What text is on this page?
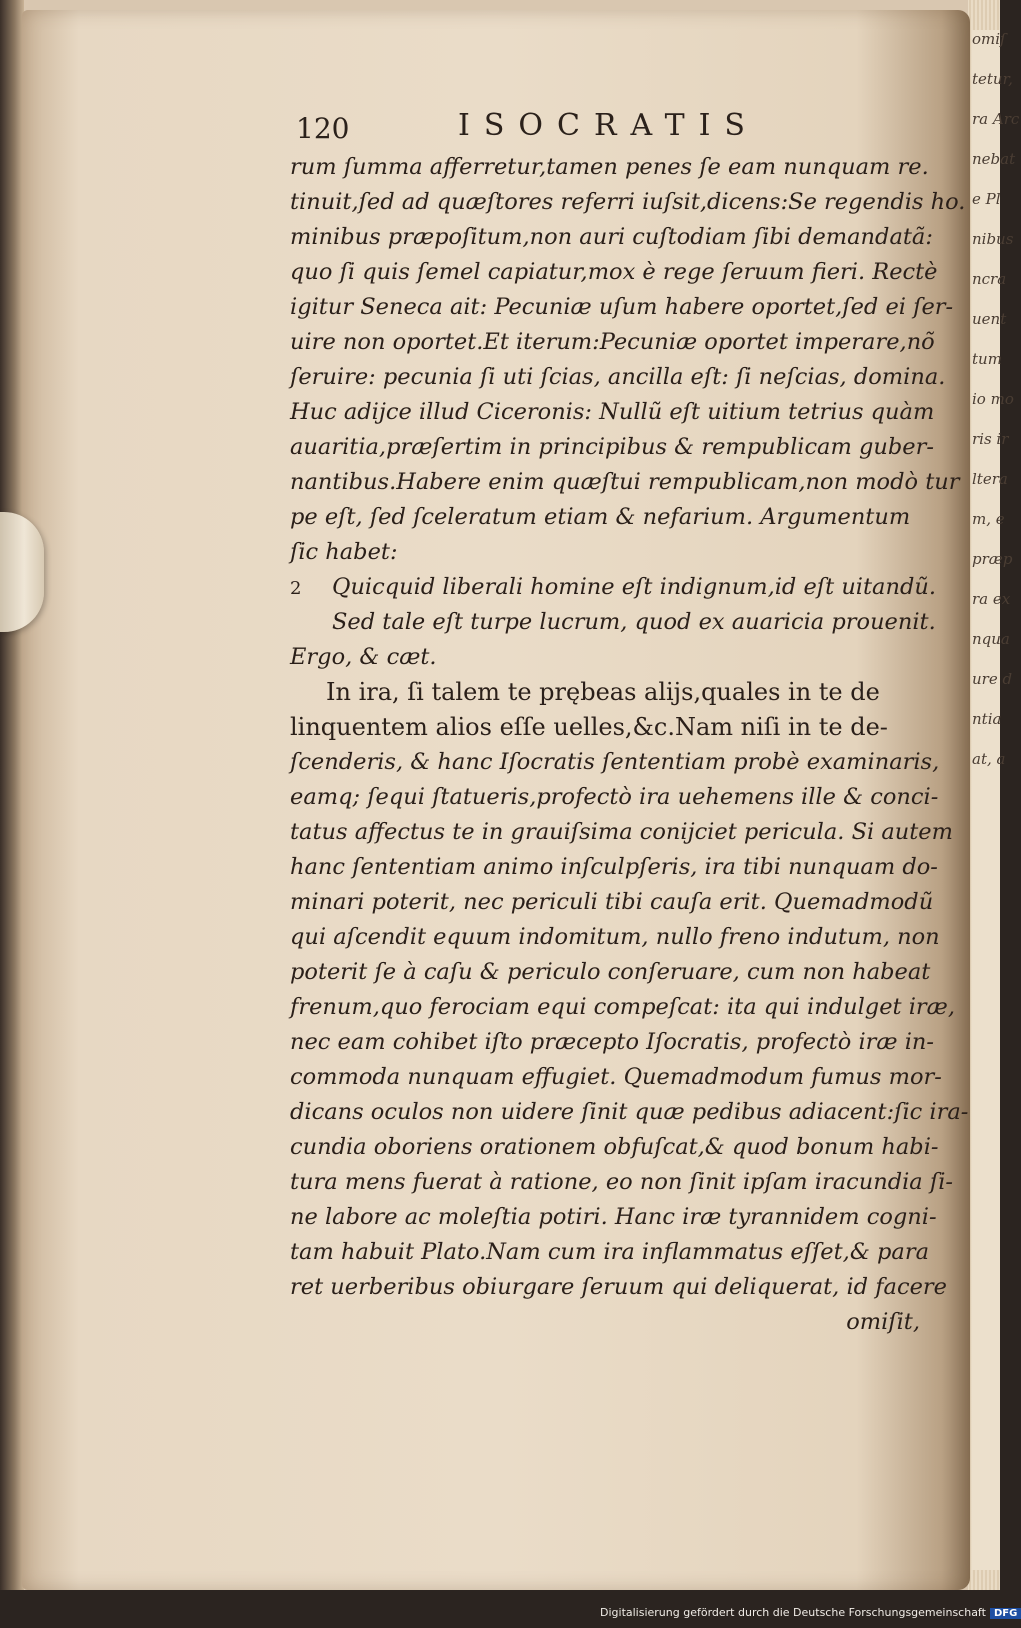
omiſ
tetur,
ra Arc
nebat
e Pl
nibus
ncra
uent
tum
io mo
ris ir
ltera
m, e
præp
ra ex
nqua
ure d
ntia
at, a
120	ISOCRATIS
rum ſumma afferretur,tamen penes ſe eam nunquam re.
tinuit,ſed ad quæſtores referri iuſsit,dicens:Se regendis ho.
minibus præpoſitum,non auri cuſtodiam ſibi demandatã:
quo ſi quis ſemel capiatur,mox è rege ſeruum fieri. Rectè
igitur Seneca ait: Pecuniæ uſum habere oportet,ſed ei ſer-
uire non oportet.Et iterum:Pecuniæ oportet imperare,nõ
ſeruire: pecunia ſi uti ſcias, ancilla eſt: ſi neſcias, domina.
Huc adijce illud Ciceronis: Nullũ eſt uitium tetrius quàm
auaritia,præſertim in principibus & rempublicam guber-
nantibus.Habere enim quæſtui rempublicam,non modò tur
pe eſt, ſed ſceleratum etiam & nefarium. Argumentum
ſic habet:
2 Quicquid liberali homine eſt indignum,id eſt uitandũ.
Sed tale eſt turpe lucrum, quod ex auaricia prouenit.
Ergo, & cæt.
In ira, ſi talem te prębeas alijs,quales in te de
linquentem alios eſſe uelles,&c.Nam niſi in te de-
ſcenderis, & hanc Iſocratis ſententiam probè examinaris,
eamq; ſequi ſtatueris,profectò ira uehemens ille & conci-
tatus affectus te in grauiſsima conijciet pericula. Si autem
hanc ſententiam animo inſculpſeris, ira tibi nunquam do-
minari poterit, nec periculi tibi cauſa erit. Quemadmodũ
qui aſcendit equum indomitum, nullo freno indutum, non
poterit ſe à caſu & periculo conſeruare, cum non habeat
frenum,quo ferociam equi compeſcat: ita qui indulget iræ,
nec eam cohibet iſto præcepto Iſocratis, profectò iræ in-
commoda nunquam effugiet. Quemadmodum fumus mor-
dicans oculos non uidere ſinit quæ pedibus adiacent:ſic ira-
cundia oboriens orationem obfuſcat,& quod bonum habi-
tura mens fuerat à ratione, eo non ſinit ipſam iracundia ſi-
ne labore ac moleſtia potiri. Hanc iræ tyrannidem cogni-
tam habuit Plato.Nam cum ira inflammatus eſſet,& para
ret uerberibus obiurgare ſeruum qui deliquerat, id facere
omiſit,
Digitalisierung gefördert durch die Deutsche Forschungsgemeinschaft DFG
